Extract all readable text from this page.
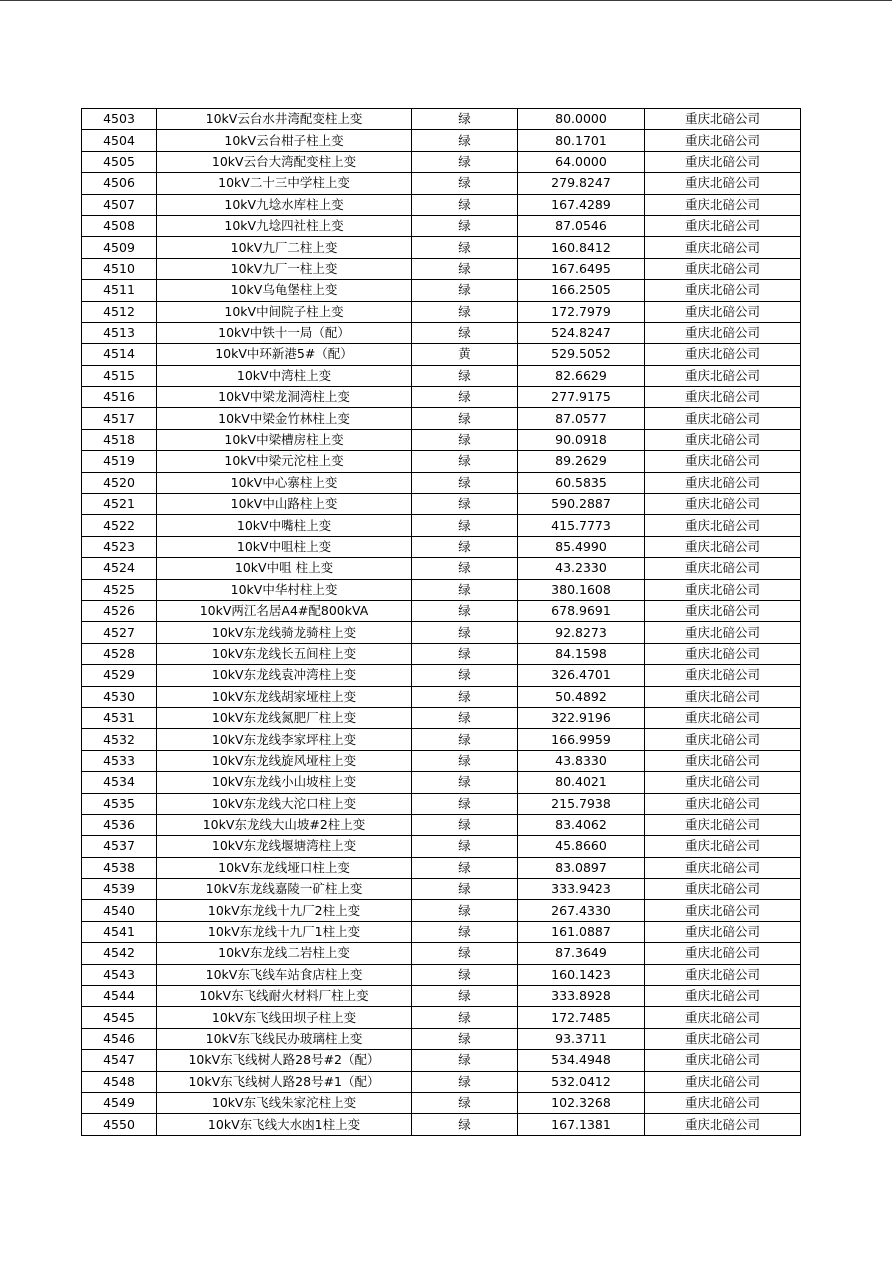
4503	10kV云台水井湾配变柱上变	绿	80.0000	重庆北碚公司
4504	10kV云台柑子柱上变	绿	80.1701	重庆北碚公司
4505	10kV云台大湾配变柱上变	绿	64.0000	重庆北碚公司
4506	10kV二十三中学柱上变	绿	279.8247	重庆北碚公司
4507	10kV九埝水库柱上变	绿	167.4289	重庆北碚公司
4508	10kV九埝四社柱上变	绿	87.0546	重庆北碚公司
4509	10kV九厂二柱上变	绿	160.8412	重庆北碚公司
4510	10kV九厂一柱上变	绿	167.6495	重庆北碚公司
4511	10kV乌龟堡柱上变	绿	166.2505	重庆北碚公司
4512	10kV中间院子柱上变	绿	172.7979	重庆北碚公司
4513	10kV中铁十一局（配）	绿	524.8247	重庆北碚公司
4514	10kV中环新港5#（配）	黄	529.5052	重庆北碚公司
4515	10kV中湾柱上变	绿	82.6629	重庆北碚公司
4516	10kV中梁龙洞湾柱上变	绿	277.9175	重庆北碚公司
4517	10kV中梁金竹林柱上变	绿	87.0577	重庆北碚公司
4518	10kV中梁槽房柱上变	绿	90.0918	重庆北碚公司
4519	10kV中梁元沱柱上变	绿	89.2629	重庆北碚公司
4520	10kV中心寨柱上变	绿	60.5835	重庆北碚公司
4521	10kV中山路柱上变	绿	590.2887	重庆北碚公司
4522	10kV中嘴柱上变	绿	415.7773	重庆北碚公司
4523	10kV中咀柱上变	绿	85.4990	重庆北碚公司
4524	10kV中咀 柱上变	绿	43.2330	重庆北碚公司
4525	10kV中华村柱上变	绿	380.1608	重庆北碚公司
4526	10kV两江名居A4#配800kVA	绿	678.9691	重庆北碚公司
4527	10kV东龙线骑龙骑柱上变	绿	92.8273	重庆北碚公司
4528	10kV东龙线长五间柱上变	绿	84.1598	重庆北碚公司
4529	10kV东龙线袁冲湾柱上变	绿	326.4701	重庆北碚公司
4530	10kV东龙线胡家垭柱上变	绿	50.4892	重庆北碚公司
4531	10kV东龙线氮肥厂柱上变	绿	322.9196	重庆北碚公司
4532	10kV东龙线李家坪柱上变	绿	166.9959	重庆北碚公司
4533	10kV东龙线旋风垭柱上变	绿	43.8330	重庆北碚公司
4534	10kV东龙线小山坡柱上变	绿	80.4021	重庆北碚公司
4535	10kV东龙线大沱口柱上变	绿	215.7938	重庆北碚公司
4536	10kV东龙线大山坡#2柱上变	绿	83.4062	重庆北碚公司
4537	10kV东龙线堰塘湾柱上变	绿	45.8660	重庆北碚公司
4538	10kV东龙线垭口柱上变	绿	83.0897	重庆北碚公司
4539	10kV东龙线嘉陵一矿柱上变	绿	333.9423	重庆北碚公司
4540	10kV东龙线十九厂2柱上变	绿	267.4330	重庆北碚公司
4541	10kV东龙线十九厂1柱上变	绿	161.0887	重庆北碚公司
4542	10kV东龙线二岩柱上变	绿	87.3649	重庆北碚公司
4543	10kV东飞线车站食店柱上变	绿	160.1423	重庆北碚公司
4544	10kV东飞线耐火材料厂柱上变	绿	333.8928	重庆北碚公司
4545	10kV东飞线田坝子柱上变	绿	172.7485	重庆北碚公司
4546	10kV东飞线民办玻璃柱上变	绿	93.3711	重庆北碚公司
4547	10kV东飞线树人路28号#2（配）	绿	534.4948	重庆北碚公司
4548	10kV东飞线树人路28号#1（配）	绿	532.0412	重庆北碚公司
4549	10kV东飞线朱家沱柱上变	绿	102.3268	重庆北碚公司
4550	10kV东飞线大水凼1柱上变	绿	167.1381	重庆北碚公司
